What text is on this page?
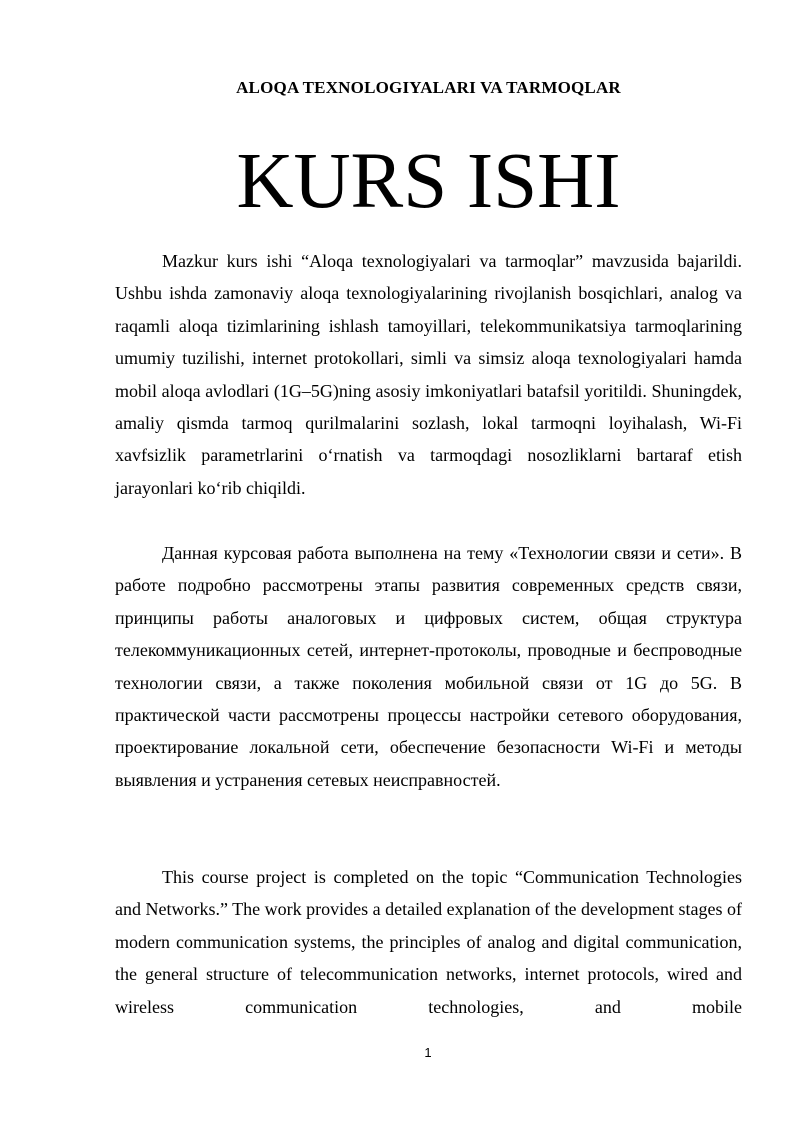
ALOQA TEXNOLOGIYALARI VA TARMOQLAR
KURS ISHI

Mazkur kurs ishi “Aloqa texnologiyalari va tarmoqlar” mavzusida bajarildi. Ushbu ishda zamonaviy aloqa texnologiyalarining rivojlanish bosqichlari, analog va raqamli aloqa tizimlarining ishlash tamoyillari, telekommunikatsiya tarmoqlarining umumiy tuzilishi, internet protokollari, simli va simsiz aloqa texnologiyalari hamda mobil aloqa avlodlari (1G–5G)ning asosiy imkoniyatlari batafsil yoritildi. Shuningdek, amaliy qismda tarmoq qurilmalarini sozlash, lokal tarmoqni loyihalash, Wi-Fi xavfsizlik parametrlarini oʻrnatish va tarmoqdagi nosozliklarni bartaraf etish jarayonlari koʻrib chiqildi.

Данная курсовая работа выполнена на тему «Технологии связи и сети». В работе подробно рассмотрены этапы развития современных средств связи, принципы работы аналоговых и цифровых систем, общая структура телекоммуникационных сетей, интернет-протоколы, проводные и беспроводные технологии связи, а также поколения мобильной связи от 1G до 5G. В практической части рассмотрены процессы настройки сетевого оборудования, проектирование локальной сети, обеспечение безопасности Wi-Fi и методы выявления и устранения сетевых неисправностей.

This course project is completed on the topic “Communication Technologies and Networks.” The work provides a detailed explanation of the development stages of modern communication systems, the principles of analog and digital communication, the general structure of telecommunication networks, internet protocols, wired and wireless communication technologies, and mobile

1
